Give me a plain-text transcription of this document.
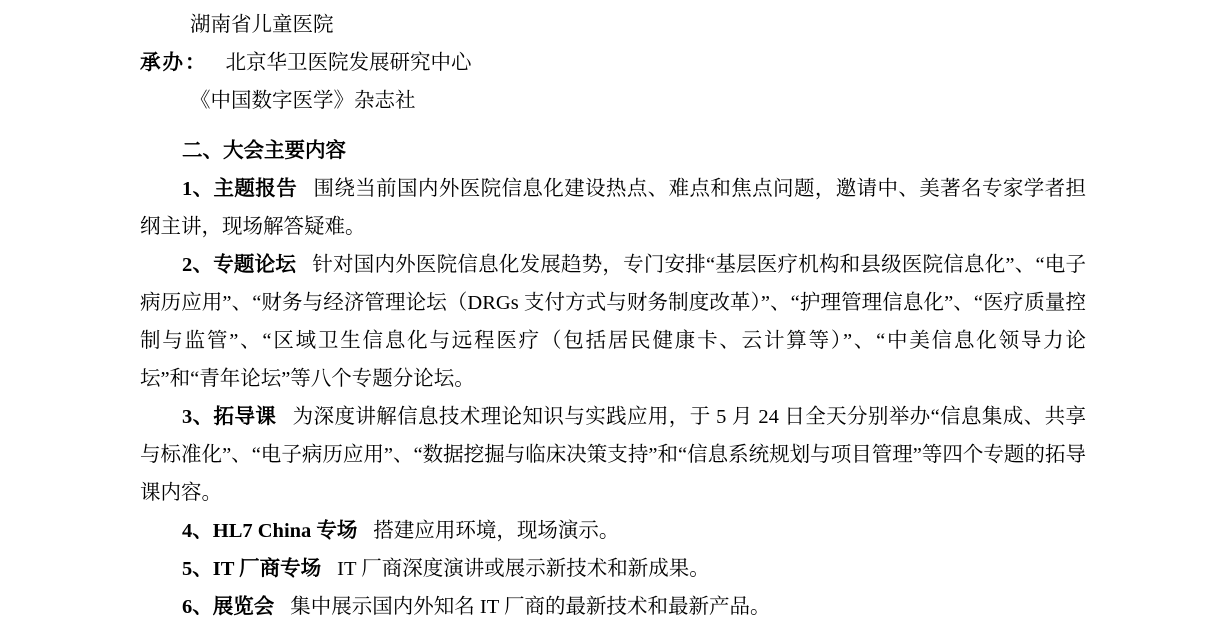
湖南省儿童医院
承办： 北京华卫医院发展研究中心
《中国数字医学》杂志社
二、大会主要内容

1、主题报告 围绕当前国内外医院信息化建设热点、难点和焦点问题，邀请中、美著名专家学者担纲主讲，现场解答疑难。

2、专题论坛 针对国内外医院信息化发展趋势，专门安排“基层医疗机构和县级医院信息化”、“电子病历应用”、“财务与经济管理论坛（DRGs 支付方式与财务制度改革）”、“护理管理信息化”、“医疗质量控制与监管”、“区域卫生信息化与远程医疗（包括居民健康卡、云计算等）”、“中美信息化领导力论坛”和“青年论坛”等八个专题分论坛。

3、拓导课 为深度讲解信息技术理论知识与实践应用，于 5 月 24 日全天分别举办“信息集成、共享与标准化”、“电子病历应用”、“数据挖掘与临床决策支持”和“信息系统规划与项目管理”等四个专题的拓导课内容。

4、HL7 China 专场 搭建应用环境，现场演示。

5、IT 厂商专场 IT 厂商深度演讲或展示新技术和新成果。

6、展览会 集中展示国内外知名 IT 厂商的最新技术和最新产品。
